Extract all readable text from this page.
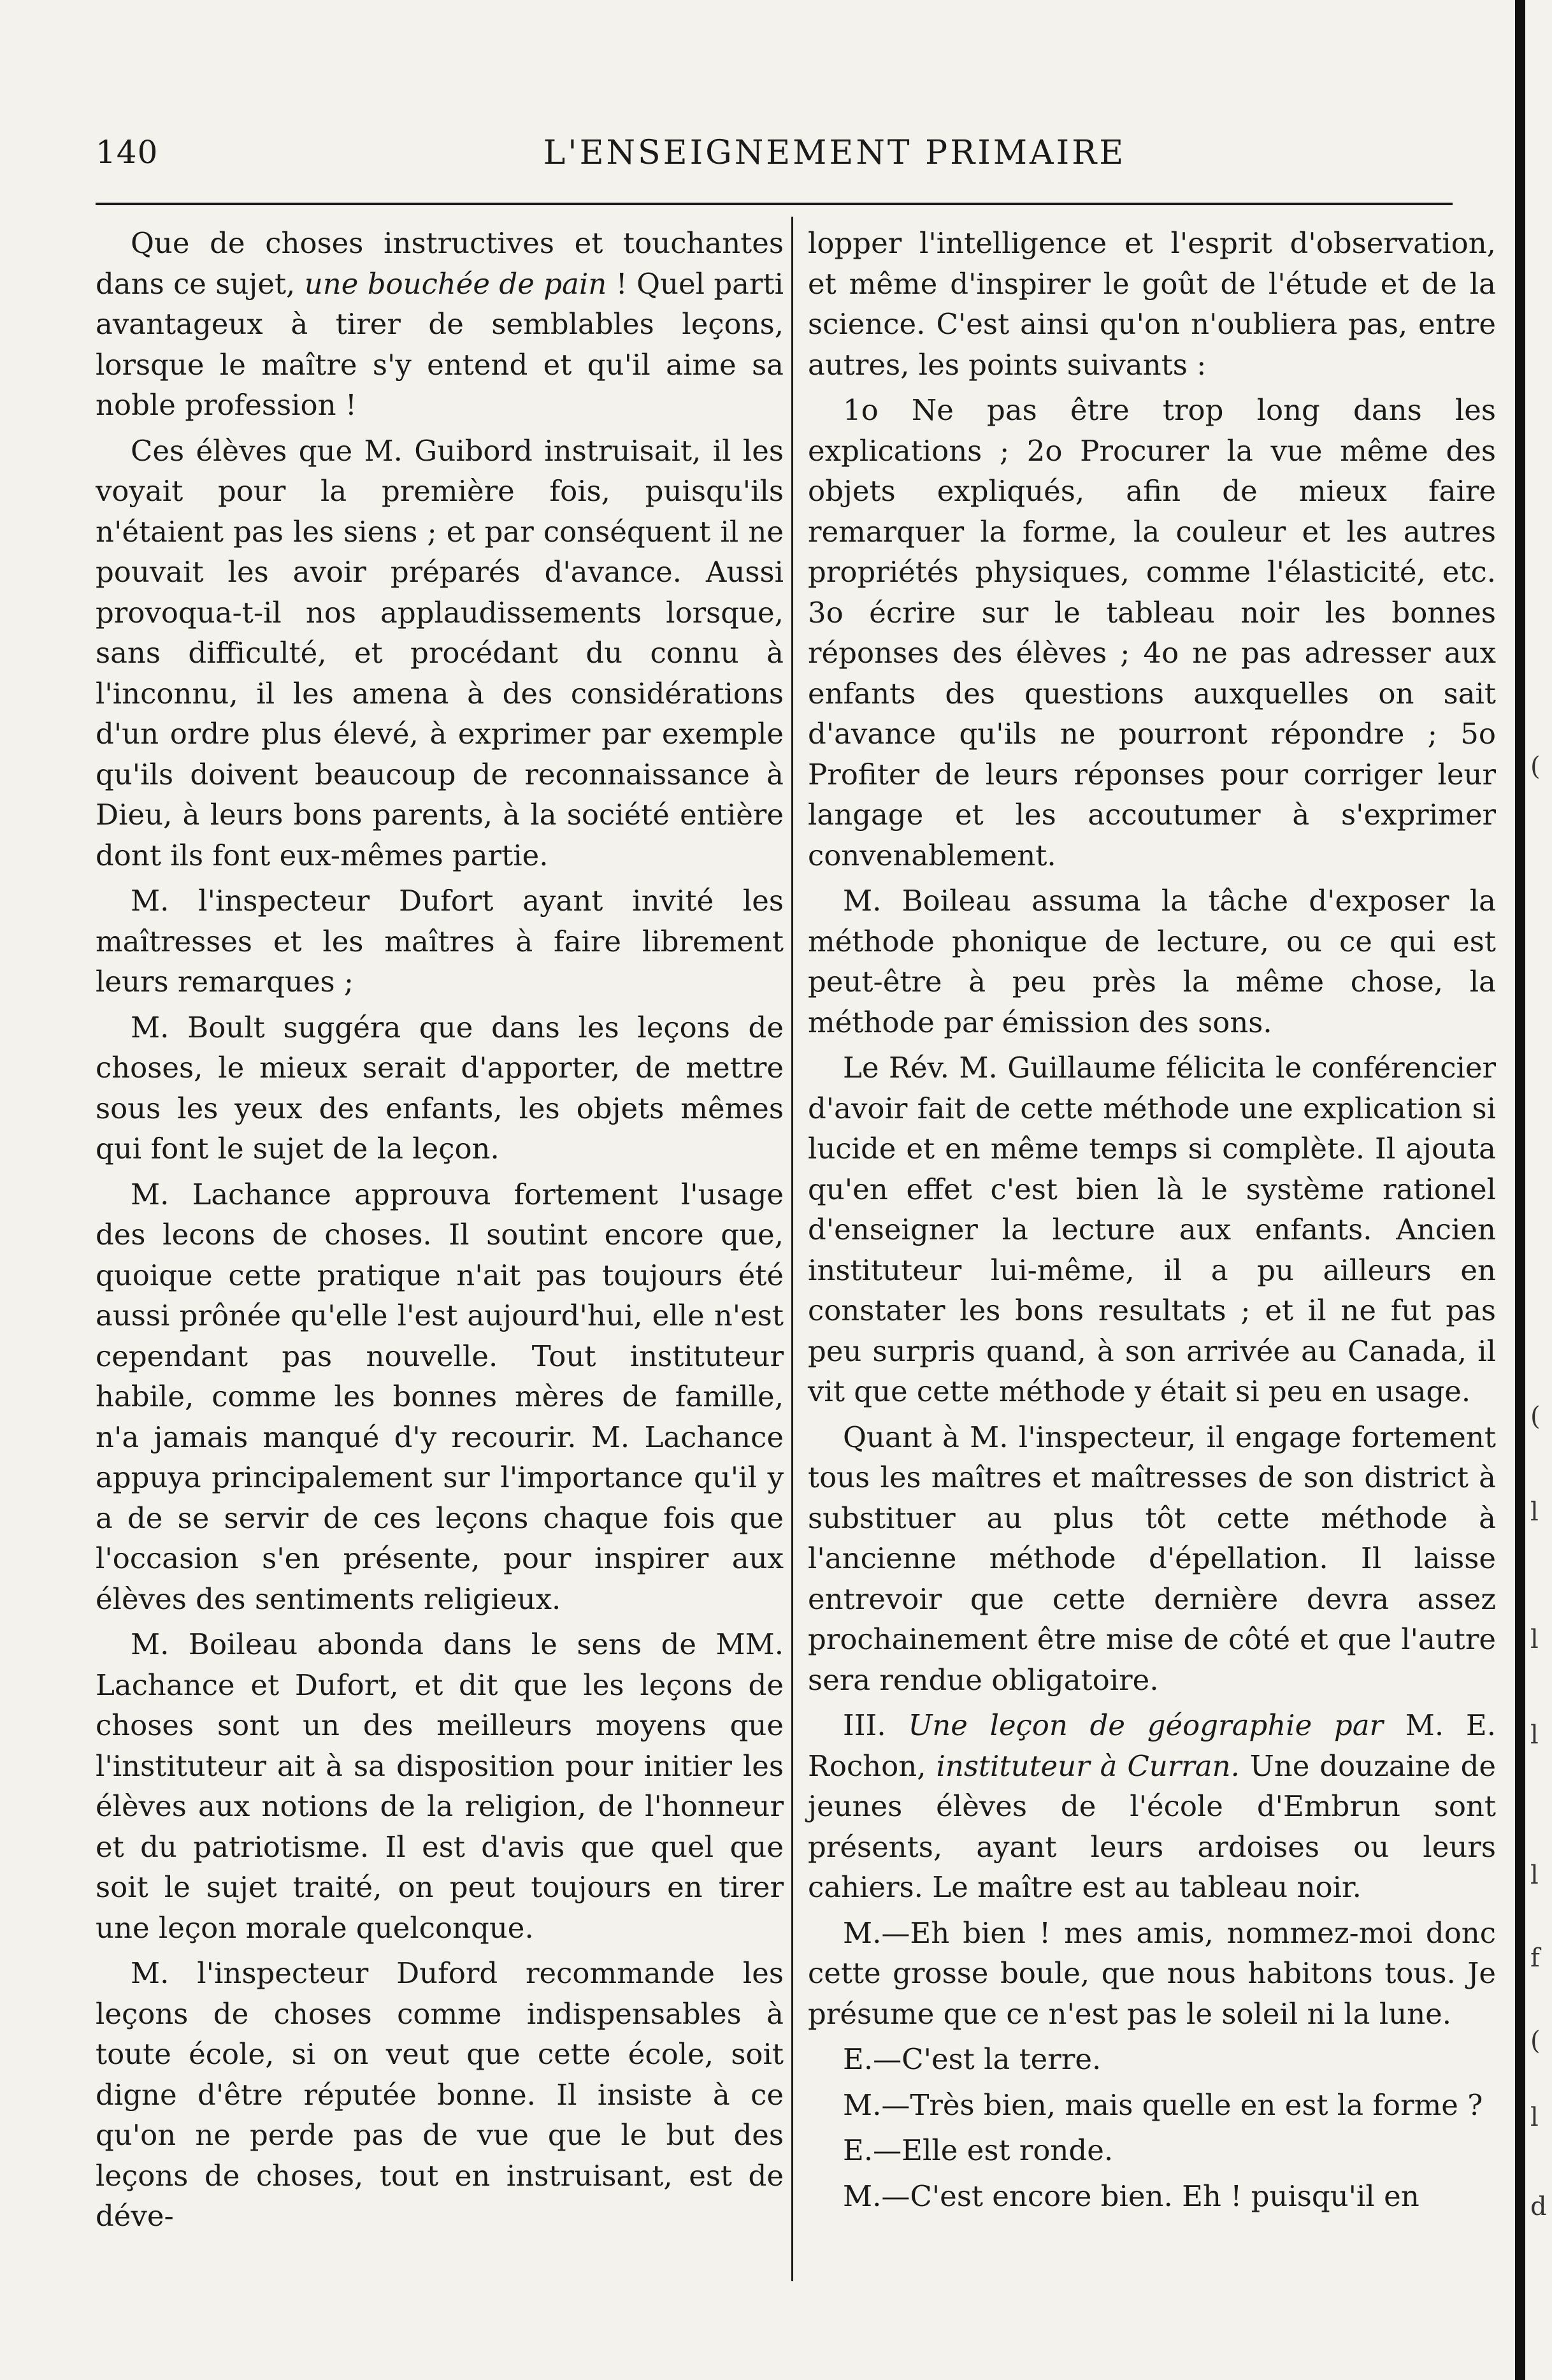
140	L'ENSEIGNEMENT PRIMAIRE

Que de choses instructives et touchantes dans ce sujet, une bouchée de pain ! Quel parti avantageux à tirer de semblables leçons, lorsque le maître s'y entend et qu'il aime sa noble profession !

Ces élèves que M. Guibord instruisait, il les voyait pour la première fois, puisqu'ils n'étaient pas les siens ; et par conséquent il ne pouvait les avoir préparés d'avance. Aussi provoqua-t-il nos applaudissements lorsque, sans difficulté, et procédant du connu à l'inconnu, il les amena à des considérations d'un ordre plus élevé, à exprimer par exemple qu'ils doivent beaucoup de reconnaissance à Dieu, à leurs bons parents, à la société entière dont ils font eux-mêmes partie.

M. l'inspecteur Dufort ayant invité les maîtresses et les maîtres à faire librement leurs remarques ;

M. Boult suggéra que dans les leçons de choses, le mieux serait d'apporter, de mettre sous les yeux des enfants, les objets mêmes qui font le sujet de la leçon.

M. Lachance approuva fortement l'usage des lecons de choses. Il soutint encore que, quoique cette pratique n'ait pas toujours été aussi prônée qu'elle l'est aujourd'hui, elle n'est cependant pas nouvelle. Tout instituteur habile, comme les bonnes mères de famille, n'a jamais manqué d'y recourir. M. Lachance appuya principalement sur l'importance qu'il y a de se servir de ces leçons chaque fois que l'occasion s'en présente, pour inspirer aux élèves des sentiments religieux.

M. Boileau abonda dans le sens de MM. Lachance et Dufort, et dit que les leçons de choses sont un des meilleurs moyens que l'instituteur ait à sa disposition pour initier les élèves aux notions de la religion, de l'honneur et du patriotisme. Il est d'avis que quel que soit le sujet traité, on peut toujours en tirer une leçon morale quelconque.

M. l'inspecteur Duford recommande les leçons de choses comme indispensables à toute école, si on veut que cette école, soit digne d'être réputée bonne. Il insiste à ce qu'on ne perde pas de vue que le but des leçons de choses, tout en instruisant, est de déve-

lopper l'intelligence et l'esprit d'observation, et même d'inspirer le goût de l'étude et de la science. C'est ainsi qu'on n'oubliera pas, entre autres, les points suivants :

1o Ne pas être trop long dans les explications ; 2o Procurer la vue même des objets expliqués, afin de mieux faire remarquer la forme, la couleur et les autres propriétés physiques, comme l'élasticité, etc. 3o écrire sur le tableau noir les bonnes réponses des élèves ; 4o ne pas adresser aux enfants des questions auxquelles on sait d'avance qu'ils ne pourront répondre ; 5o Profiter de leurs réponses pour corriger leur langage et les accoutumer à s'exprimer convenablement.

M. Boileau assuma la tâche d'exposer la méthode phonique de lecture, ou ce qui est peut-être à peu près la même chose, la méthode par émission des sons.

Le Rév. M. Guillaume félicita le conférencier d'avoir fait de cette méthode une explication si lucide et en même temps si complète. Il ajouta qu'en effet c'est bien là le système rationel d'enseigner la lecture aux enfants. Ancien instituteur lui-même, il a pu ailleurs en constater les bons resultats ; et il ne fut pas peu surpris quand, à son arrivée au Canada, il vit que cette méthode y était si peu en usage.

Quant à M. l'inspecteur, il engage fortement tous les maîtres et maîtresses de son district à substituer au plus tôt cette méthode à l'ancienne méthode d'épellation. Il laisse entrevoir que cette dernière devra assez prochainement être mise de côté et que l'autre sera rendue obligatoire.

III. Une leçon de géographie par M. E. Rochon, instituteur à Curran. Une douzaine de jeunes élèves de l'école d'Embrun sont présents, ayant leurs ardoises ou leurs cahiers. Le maître est au tableau noir.

M.—Eh bien ! mes amis, nommez-moi donc cette grosse boule, que nous habitons tous. Je présume que ce n'est pas le soleil ni la lune.

E.—C'est la terre.

M.—Très bien, mais quelle en est la forme ?

E.—Elle est ronde.

M.—C'est encore bien. Eh ! puisqu'il en

(
(
l
l
l
l
f
(
l
d
